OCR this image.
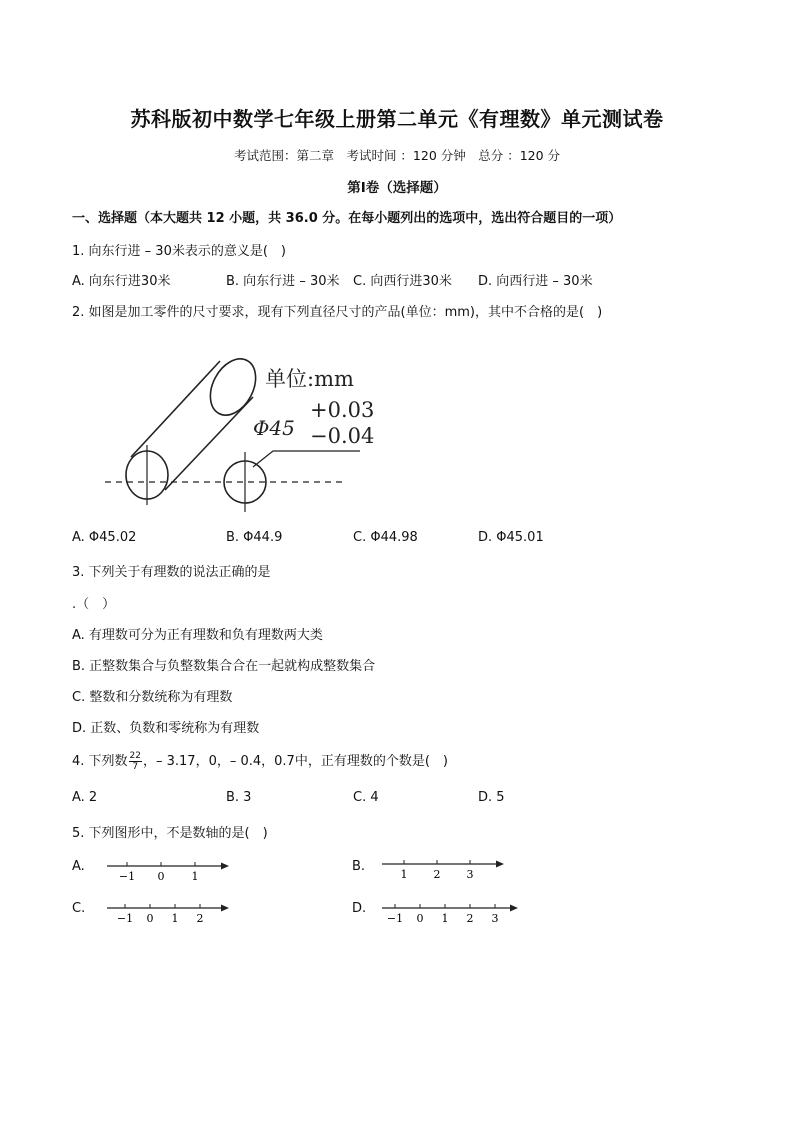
苏科版初中数学七年级上册第二单元《有理数》单元测试卷
考试范围：第二章　考试时间 ：120 分钟　总分 ：120 分
第Ⅰ卷（选择题）
一、选择题（本大题共 12 小题，共 36.0 分。在每小题列出的选项中，选出符合题目的一项）
1. 向东行进 – 30米表示的意义是(　)
A. 向东行进30米	B. 向东行进 – 30米 C. 向西行进30米 D. 向西行进 – 30米
2. 如图是加工零件的尺寸要求，现有下列直径尺寸的产品(单位：mm)，其中不合格的是(　)
单位:mm
Φ45
+0.03
−0.04
A. Φ45.02	B. Φ44.9	C. Φ44.98	D. Φ45.01
3. 下列关于有理数的说法正确的是
.（　）
A. 有理数可分为正有理数和负有理数两大类
B. 正整数集合与负整数集合合在一起就构成整数集合
C. 整数和分数统称为有理数
D. 正数、负数和零统称为有理数
4. 下列数 $\frac{22}{7}$ ，– 3.17，0，– 0.4，0.7中，正有理数的个数是(　)
A. 2	B. 3	C. 4	D. 5
5. 下列图形中，不是数轴的是(　)
A.	B.
C.	D.
−1 0 1	1 2 3
−1 0 1 2	−1 0 1 2 3
